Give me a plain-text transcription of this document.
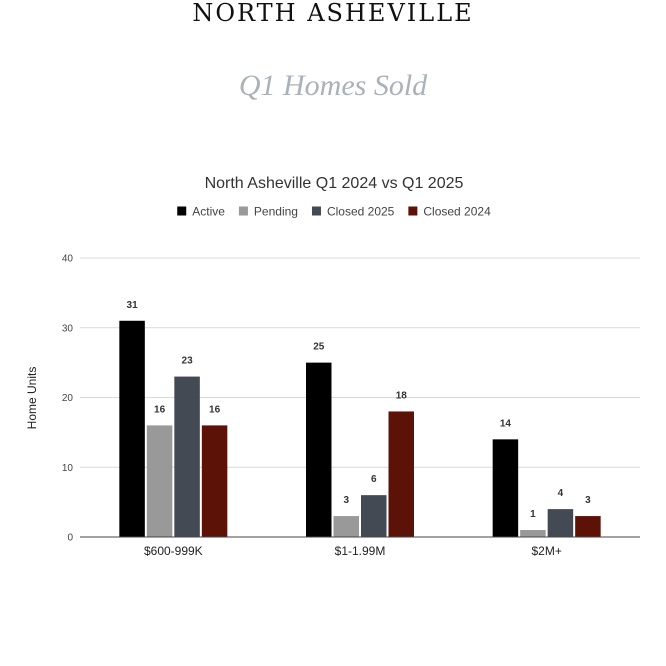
NORTH ASHEVILLE
Q1 Homes Sold
North Asheville Q1 2024 vs Q1 2025
Active Pending Closed 2025 Closed 2024
Home Units
0
10
20
30
40
31
16
23
16
25
3
6
18
14
1
4
3
$600-999K	$1-1.99M	$2M+
